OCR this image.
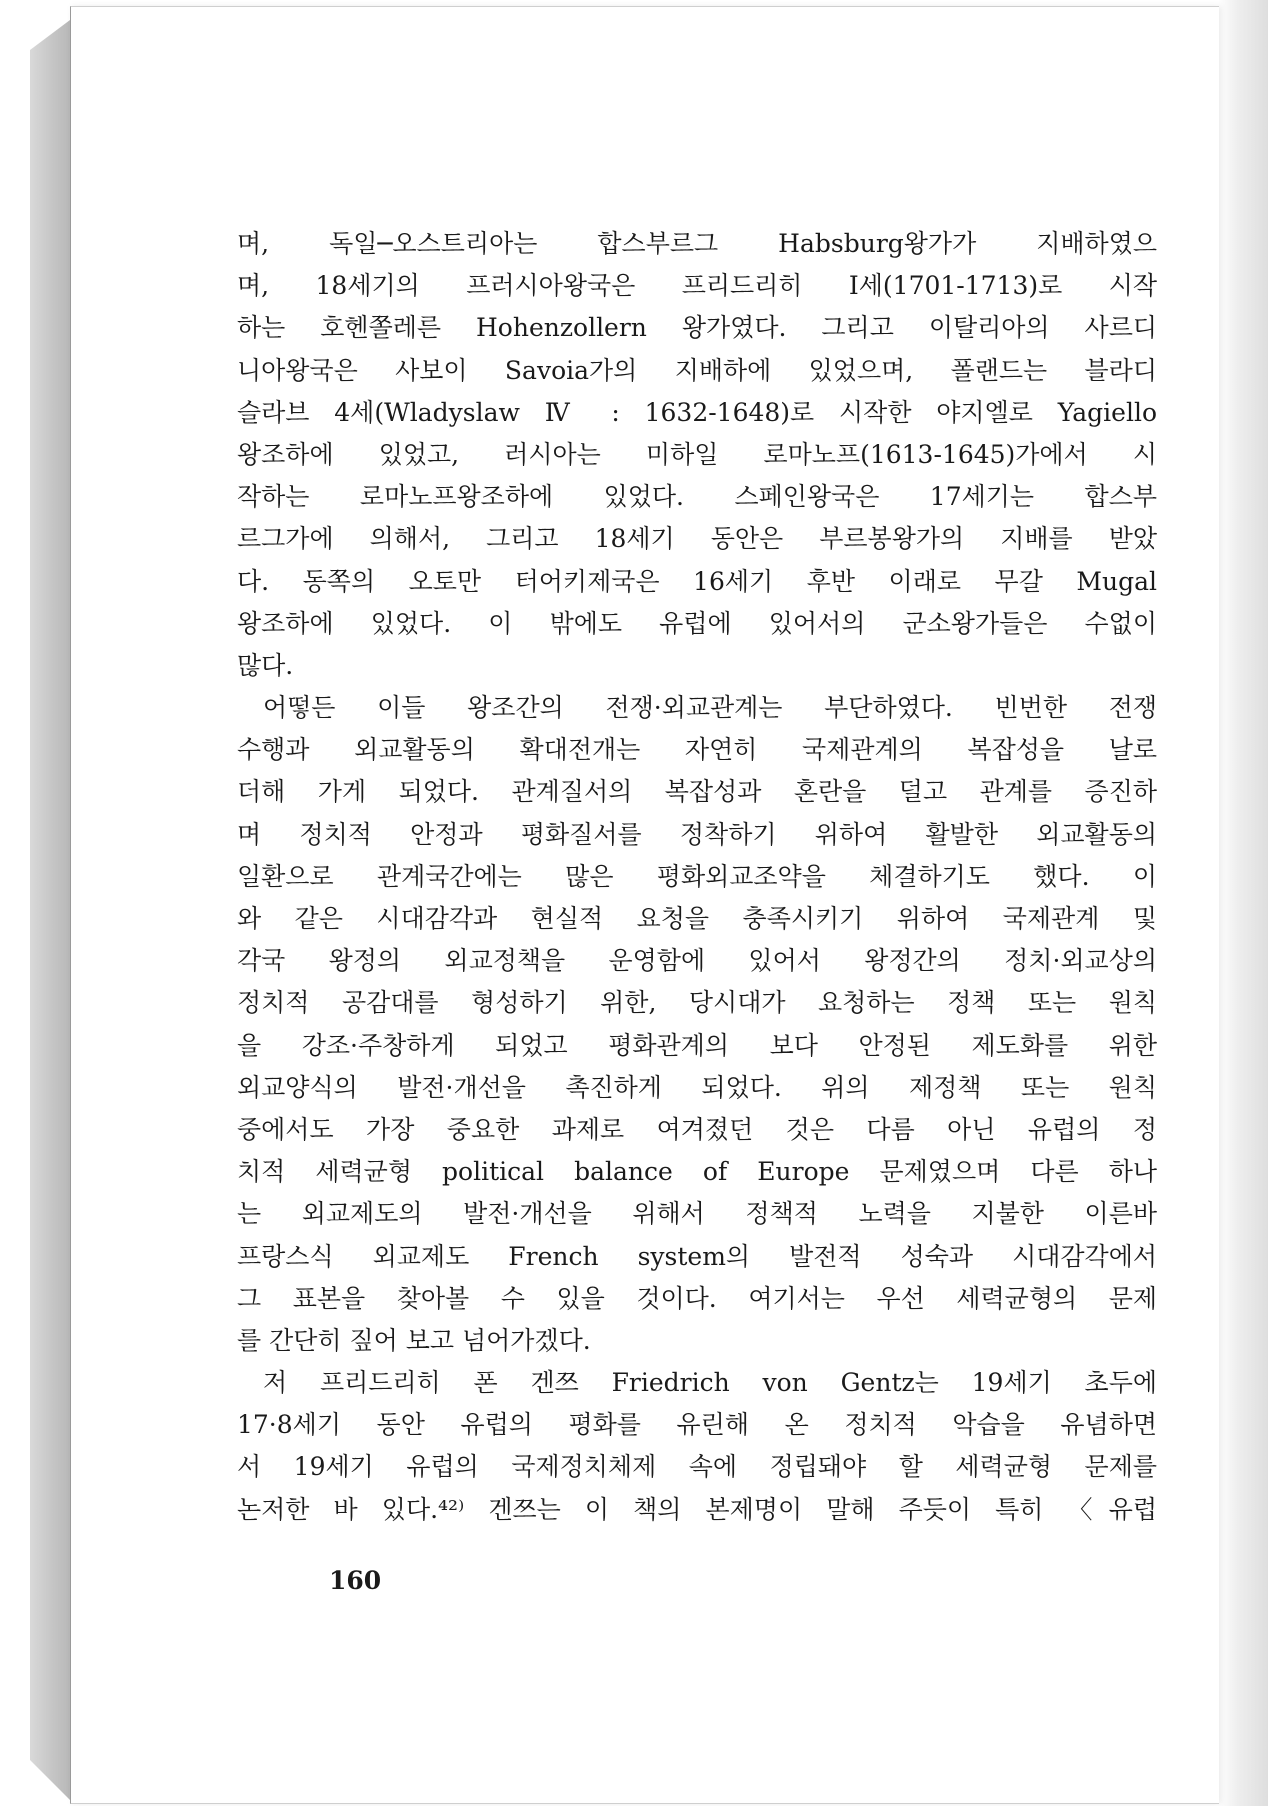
며, 독일─오스트리아는 합스부르그 Habsburg왕가가 지배하였으
며, 18세기의 프러시아왕국은 프리드리히 I세(1701-1713)로 시작
하는 호헨쫄레른 Hohenzollern 왕가였다. 그리고 이탈리아의 사르디
니아왕국은 사보이 Savoia가의 지배하에 있었으며, 폴랜드는 블라디
슬라브 4세(Wladyslaw Ⅳ : 1632-1648)로 시작한 야지엘로 Yagiello
왕조하에 있었고, 러시아는 미하일 로마노프(1613-1645)가에서 시
작하는 로마노프왕조하에 있었다. 스페인왕국은 17세기는 합스부
르그가에 의해서, 그리고 18세기 동안은 부르봉왕가의 지배를 받았
다. 동쪽의 오토만 터어키제국은 16세기 후반 이래로 무갈 Mugal
왕조하에 있었다. 이 밖에도 유럽에 있어서의 군소왕가들은 수없이
많다.
어떻든 이들 왕조간의 전쟁·외교관계는 부단하였다. 빈번한 전쟁
수행과 외교활동의 확대전개는 자연히 국제관계의 복잡성을 날로
더해 가게 되었다. 관계질서의 복잡성과 혼란을 덜고 관계를 증진하
며 정치적 안정과 평화질서를 정착하기 위하여 활발한 외교활동의
일환으로 관계국간에는 많은 평화외교조약을 체결하기도 했다. 이
와 같은 시대감각과 현실적 요청을 충족시키기 위하여 국제관계 및
각국 왕정의 외교정책을 운영함에 있어서 왕정간의 정치·외교상의
정치적 공감대를 형성하기 위한, 당시대가 요청하는 정책 또는 원칙
을 강조·주창하게 되었고 평화관계의 보다 안정된 제도화를 위한
외교양식의 발전·개선을 촉진하게 되었다. 위의 제정책 또는 원칙
중에서도 가장 중요한 과제로 여겨졌던 것은 다름 아닌 유럽의 정
치적 세력균형 political balance of Europe 문제였으며 다른 하나
는 외교제도의 발전·개선을 위해서 정책적 노력을 지불한 이른바
프랑스식 외교제도 French system의 발전적 성숙과 시대감각에서
그 표본을 찾아볼 수 있을 것이다. 여기서는 우선 세력균형의 문제
를 간단히 짚어 보고 넘어가겠다.
저 프리드리히 폰 겐쯔 Friedrich von Gentz는 19세기 초두에
17·8세기 동안 유럽의 평화를 유린해 온 정치적 악습을 유념하면
서 19세기 유럽의 국제정치체제 속에 정립돼야 할 세력균형 문제를
논저한 바 있다.⁴²⁾ 겐쯔는 이 책의 본제명이 말해 주듯이 특히 〈유럽
160
